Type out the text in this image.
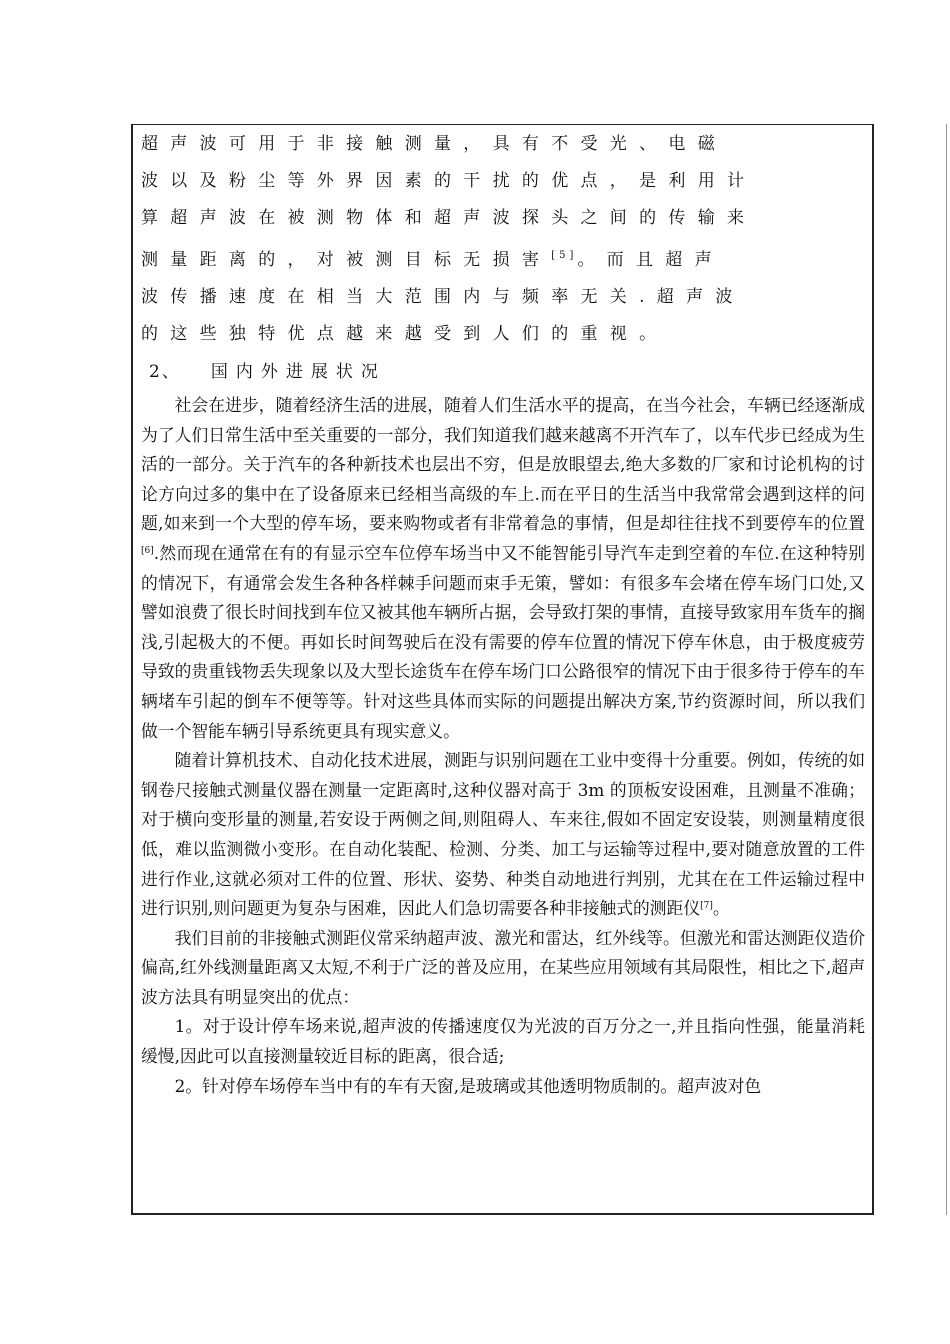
超声波可用于非接触测量，具有不受光、电磁

波以及粉尘等外界因素的干扰的优点，是利用计

算超声波在被测物体和超声波探头之间的传输来

测量距离的，对被测目标无损害[5]。而且超声

波传播速度在相当大范围内与频率无关.超声波

的这些独特优点越来越受到人们的重视。

2、 国内外进展状况

社会在进步，随着经济生活的进展，随着人们生活水平的提高，在当今社会，车辆已经逐渐成为了人们日常生活中至关重要的一部分，我们知道我们越来越离不开汽车了，以车代步已经成为生活的一部分。关于汽车的各种新技术也层出不穷，但是放眼望去,绝大多数的厂家和讨论机构的讨论方向过多的集中在了设备原来已经相当高级的车上.而在平日的生活当中我常常会遇到这样的问题,如来到一个大型的停车场，要来购物或者有非常着急的事情，但是却往往找不到要停车的位置[6].然而现在通常在有的有显示空车位停车场当中又不能智能引导汽车走到空着的车位.在这种特别的情况下，有通常会发生各种各样棘手问题而束手无策，譬如：有很多车会堵在停车场门口处,又譬如浪费了很长时间找到车位又被其他车辆所占据，会导致打架的事情，直接导致家用车货车的搁浅,引起极大的不便。再如长时间驾驶后在没有需要的停车位置的情况下停车休息，由于极度疲劳导致的贵重钱物丢失现象以及大型长途货车在停车场门口公路很窄的情况下由于很多待于停车的车辆堵车引起的倒车不便等等。针对这些具体而实际的问题提出解决方案,节约资源时间，所以我们做一个智能车辆引导系统更具有现实意义。

随着计算机技术、自动化技术进展，测距与识别问题在工业中变得十分重要。例如，传统的如钢卷尺接触式测量仪器在测量一定距离时,这种仪器对高于 3m 的顶板安设困难，且测量不准确；对于横向变形量的测量,若安设于两侧之间,则阻碍人、车来往,假如不固定安设装，则测量精度很低，难以监测微小变形。在自动化装配、检测、分类、加工与运输等过程中,要对随意放置的工件进行作业,这就必须对工件的位置、形状、姿势、种类自动地进行判别，尤其在在工件运输过程中进行识别,则问题更为复杂与困难，因此人们急切需要各种非接触式的测距仪[7]。

我们目前的非接触式测距仪常采纳超声波、激光和雷达，红外线等。但激光和雷达测距仪造价偏高,红外线测量距离又太短,不利于广泛的普及应用，在某些应用领域有其局限性，相比之下,超声波方法具有明显突出的优点：

1。对于设计停车场来说,超声波的传播速度仅为光波的百万分之一,并且指向性强，能量消耗缓慢,因此可以直接测量较近目标的距离，很合适;

2。针对停车场停车当中有的车有天窗,是玻璃或其他透明物质制的。超声波对色
